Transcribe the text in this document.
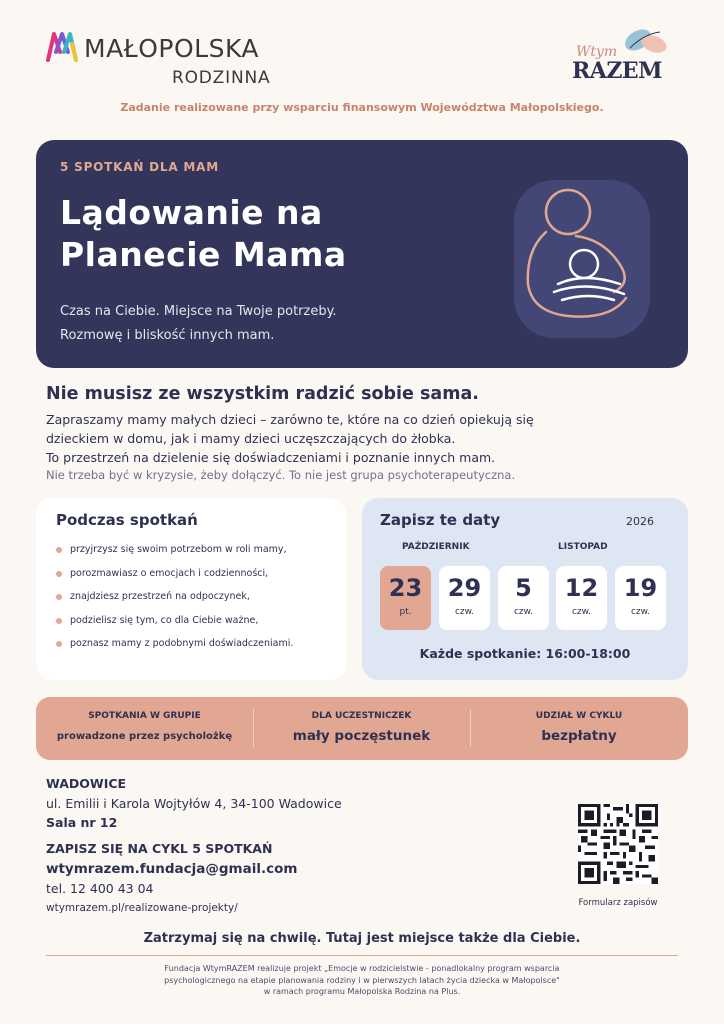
MAŁOPOLSKA
RODZINNA
Wtym
RAZEM
Zadanie realizowane przy wsparciu finansowym Województwa Małopolskiego.
5 SPOTKAŃ DLA MAM
Lądowanie na
Planecie Mama
Czas na Ciebie. Miejsce na Twoje potrzeby.
Rozmowę i bliskość innych mam.
Nie musisz ze wszystkim radzić sobie sama.
Zapraszamy mamy małych dzieci – zarówno te, które na co dzień opiekują się
dzieckiem w domu, jak i mamy dzieci uczęszczających do żłobka.
To przestrzeń na dzielenie się doświadczeniami i poznanie innych mam.
Nie trzeba być w kryzysie, żeby dołączyć. To nie jest grupa psychoterapeutyczna.
Podczas spotkań
przyjrzysz się swoim potrzebom w roli mamy,
porozmawiasz o emocjach i codzienności,
znajdziesz przestrzeń na odpoczynek,
podzielisz się tym, co dla Ciebie ważne,
poznasz mamy z podobnymi doświadczeniami.
Zapisz te daty	2026
PAŹDZIERNIK	LISTOPAD
23
pt.
29
czw.
5
czw.
12
czw.
19
czw.
Każde spotkanie: 16:00-18:00
SPOTKANIA W GRUPIE
prowadzone przez psycholożkę
DLA UCZESTNICZEK
mały poczęstunek
UDZIAŁ W CYKLU
bezpłatny
WADOWICE
ul. Emilii i Karola Wojtyłów 4, 34-100 Wadowice
Sala nr 12
ZAPISZ SIĘ NA CYKL 5 SPOTKAŃ
wtymrazem.fundacja@gmail.com
tel. 12 400 43 04
wtymrazem.pl/realizowane-projekty/	Formularz zapisów
Zatrzymaj się na chwilę. Tutaj jest miejsce także dla Ciebie.
Fundacja WtymRAZEM realizuje projekt „Emocje w rodzicielstwie - ponadlokalny program wsparcia
psychologicznego na etapie planowania rodziny i w pierwszych latach życia dziecka w Małopolsce"
w ramach programu Małopolska Rodzina na Plus.
